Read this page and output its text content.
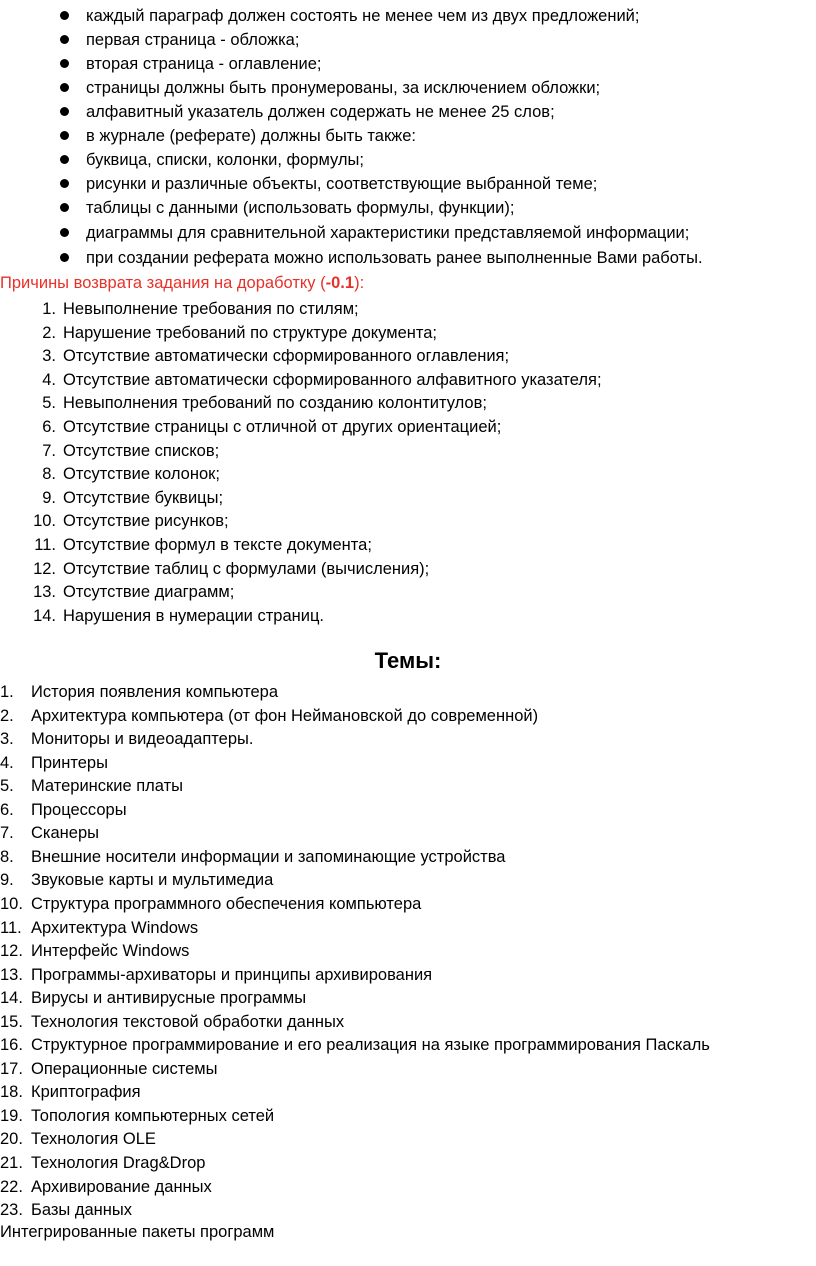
каждый параграф должен состоять не менее чем из двух предложений;
первая страница - обложка;
вторая страница - оглавление;
страницы должны быть пронумерованы, за исключением обложки;
алфавитный указатель должен содержать не менее 25 слов;
в журнале (реферате) должны быть также:
буквица, списки, колонки, формулы;
рисунки и различные объекты, соответствующие выбранной теме;
таблицы с данными (использовать формулы, функции);
диаграммы для сравнительной характеристики представляемой информации;
при создании реферата можно использовать ранее выполненные Вами работы.
Причины возврата задания на доработку (-0.1):
1. Невыполнение требования по стилям;
2. Нарушение требований по структуре документа;
3. Отсутствие автоматически сформированного оглавления;
4. Отсутствие автоматически сформированного алфавитного указателя;
5. Невыполнения требований по созданию колонтитулов;
6. Отсутствие страницы с отличной от других ориентацией;
7. Отсутствие списков;
8. Отсутствие колонок;
9. Отсутствие буквицы;
10. Отсутствие рисунков;
11. Отсутствие формул в тексте документа;
12. Отсутствие таблиц с формулами (вычисления);
13. Отсутствие диаграмм;
14. Нарушения в нумерации страниц.
Темы:
1. История появления компьютера
2. Архитектура компьютера (от фон Неймановской до современной)
3. Мониторы и видеоадаптеры.
4. Принтеры
5. Материнские платы
6. Процессоры
7. Сканеры
8. Внешние носители информации и запоминающие устройства
9. Звуковые карты и мультимедиа
10. Структура программного обеспечения компьютера
11. Архитектура Windows
12. Интерфейс Windows
13. Программы-архиваторы и принципы архивирования
14. Вирусы и антивирусные программы
15. Технология текстовой обработки данных
16. Структурное программирование и его реализация на языке программирования Паскаль
17. Операционные системы
18. Криптография
19. Топология компьютерных сетей
20. Технология OLE
21. Технология Drag&Drop
22. Архивирование данных
23. Базы данных
Интегрированные пакеты программ
